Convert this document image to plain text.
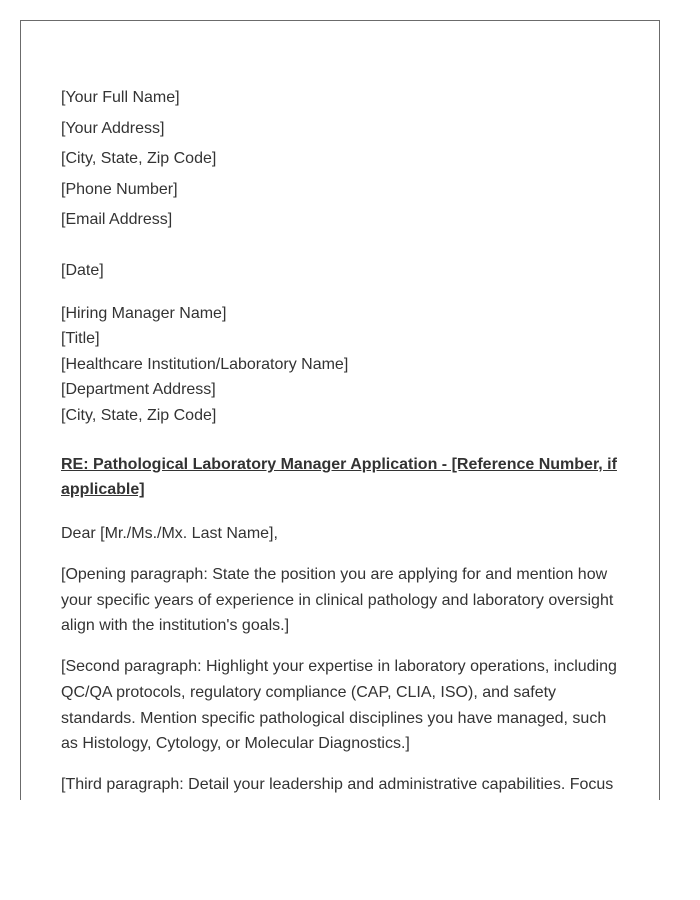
[Your Full Name]
[Your Address]
[City, State, Zip Code]
[Phone Number]
[Email Address]
[Date]
[Hiring Manager Name]
[Title]
[Healthcare Institution/Laboratory Name]
[Department Address]
[City, State, Zip Code]
RE: Pathological Laboratory Manager Application - [Reference Number, if applicable]
Dear [Mr./Ms./Mx. Last Name],
[Opening paragraph: State the position you are applying for and mention how your specific years of experience in clinical pathology and laboratory oversight align with the institution's goals.]
[Second paragraph: Highlight your expertise in laboratory operations, including QC/QA protocols, regulatory compliance (CAP, CLIA, ISO), and safety standards. Mention specific pathological disciplines you have managed, such as Histology, Cytology, or Molecular Diagnostics.]
[Third paragraph: Detail your leadership and administrative capabilities. Focus
